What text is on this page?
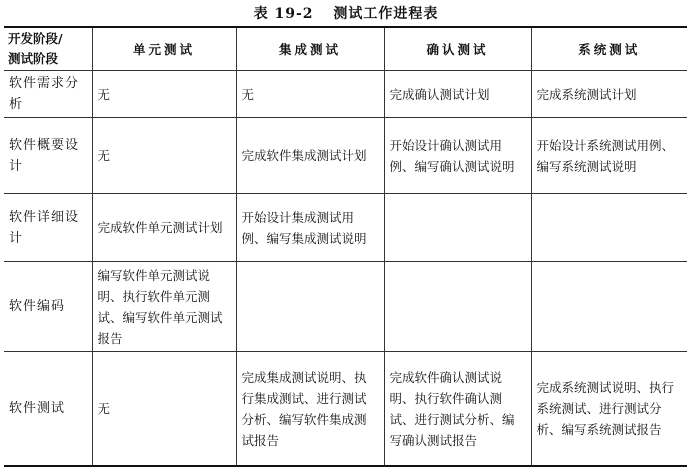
表 19-2 测试工作进程表
开发阶段/
测试阶段	单元测试	集成测试	确认测试	系统测试
软件需求分析	无	无	完成确认测试计划	完成系统测试计划
软件概要设计	无	完成软件集成测试计划	开始设计确认测试用例、编写确认测试说明	开始设计系统测试用例、编写系统测试说明
软件详细设计	完成软件单元测试计划	开始设计集成测试用例、编写集成测试说明		
软件编码	编写软件单元测试说明、执行软件单元测试、编写软件单元测试报告			
软件测试	无	完成集成测试说明、执行集成测试、进行测试分析、编写软件集成测试报告	完成软件确认测试说明、执行软件确认测试、进行测试分析、编写确认测试报告	完成系统测试说明、执行系统测试、进行测试分析、编写系统测试报告
